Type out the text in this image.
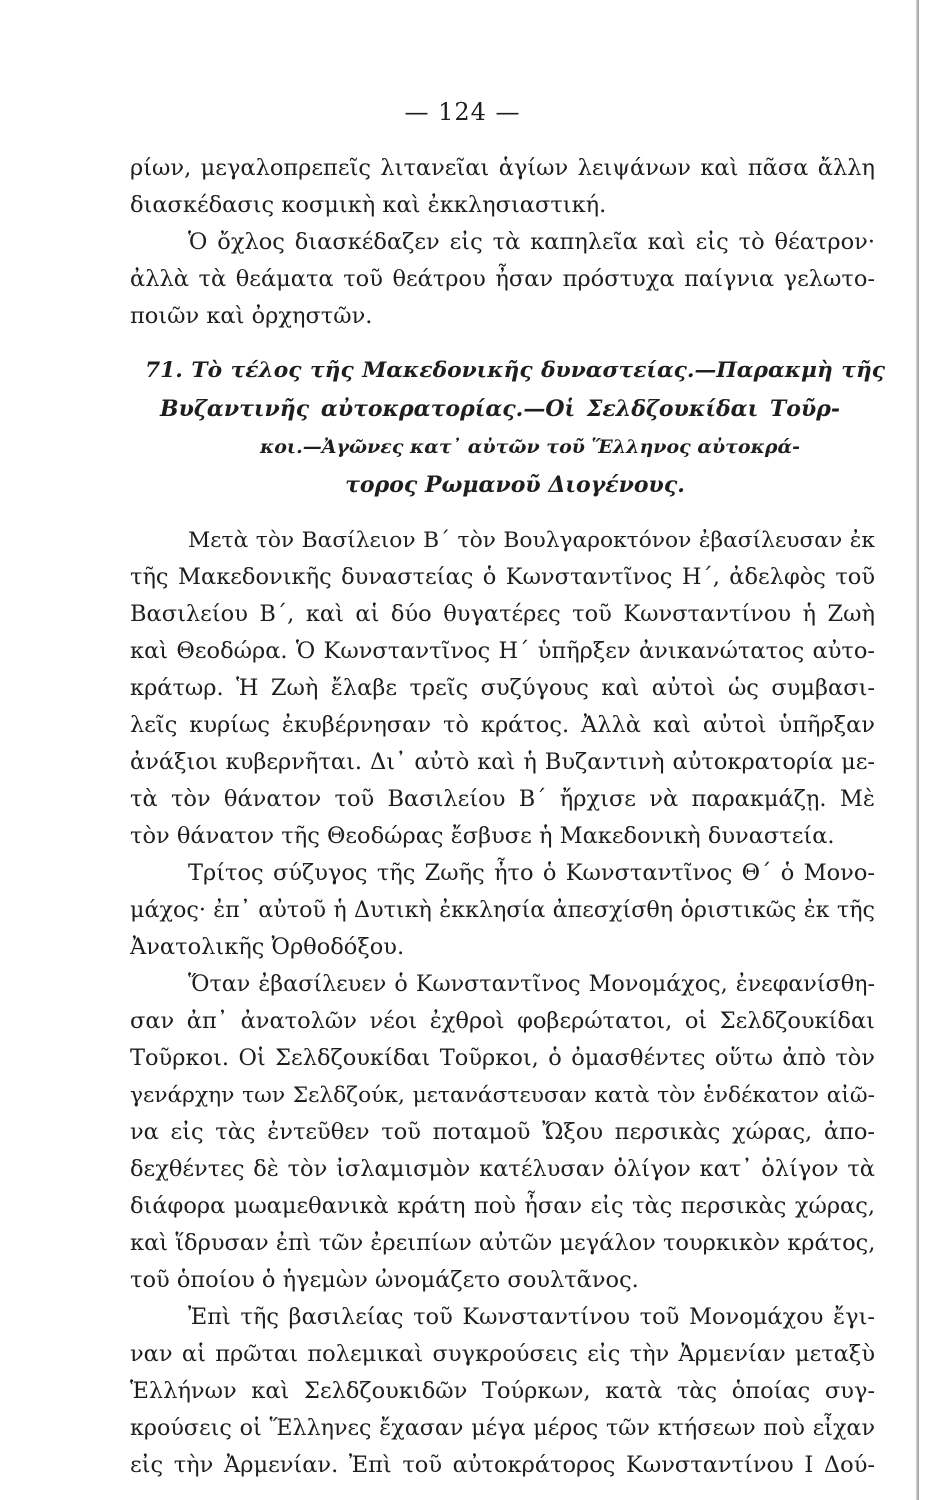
— 124 —
ρίων, μεγαλοπρεπεῖς λιτανεῖαι ἁγίων λειψάνων καὶ πᾶσα ἄλλη
διασκέδασις κοσμικὴ καὶ ἐκκλησιαστική.
Ὁ ὄχλος διασκέδαζεν εἰς τὰ καπηλεῖα καὶ εἰς τὸ θέατρον·
ἀλλὰ τὰ θεάματα τοῦ θεάτρου ἦσαν πρόστυχα παίγνια γελωτο-
ποιῶν καὶ ὀρχηστῶν.
71. Τὸ τέλος τῆς Μακεδονικῆς δυναστείας.—Παρακμὴ τῆς
Βυζαντινῆς αὐτοκρατορίας.—Οἱ Σελδζουκίδαι Τοῦρ-
κοι.—Ἀγῶνες κατ᾽ αὐτῶν τοῦ Ἕλληνος αὐτοκρά-
τορος Ρωμανοῦ Διογένους.
Μετὰ τὸν Βασίλειον Β΄ τὸν Βουλγαροκτόνον ἐβασίλευσαν ἐκ
τῆς Μακεδονικῆς δυναστείας ὁ Κωνσταντῖνος Η΄, ἀδελφὸς τοῦ
Βασιλείου Β΄, καὶ αἱ δύο θυγατέρες τοῦ Κωνσταντίνου ἡ Ζωὴ
καὶ Θεοδώρα. Ὁ Κωνσταντῖνος Η΄ ὑπῆρξεν ἀνικανώτατος αὐτο-
κράτωρ. Ἡ Ζωὴ ἔλαβε τρεῖς συζύγους καὶ αὐτοὶ ὡς συμβασι-
λεῖς κυρίως ἐκυβέρνησαν τὸ κράτος. Ἀλλὰ καὶ αὐτοὶ ὑπῆρξαν
ἀνάξιοι κυβερνῆται. Δι᾽ αὐτὸ καὶ ἡ Βυζαντινὴ αὐτοκρατορία με-
τὰ τὸν θάνατον τοῦ Βασιλείου Β΄ ἤρχισε νὰ παρακμάζῃ. Μὲ
τὸν θάνατον τῆς Θεοδώρας ἔσβυσε ἡ Μακεδονικὴ δυναστεία.
Τρίτος σύζυγος τῆς Ζωῆς ἦτο ὁ Κωνσταντῖνος Θ΄ ὁ Μονο-
μάχος· ἐπ᾽ αὐτοῦ ἡ Δυτικὴ ἐκκλησία ἀπεσχίσθη ὁριστικῶς ἐκ τῆς
Ἀνατολικῆς Ὀρθοδόξου.
Ὅταν ἐβασίλευεν ὁ Κωνσταντῖνος Μονομάχος, ἐνεφανίσθη-
σαν ἀπ᾽ ἀνατολῶν νέοι ἐχθροὶ φοβερώτατοι, οἱ Σελδζουκίδαι
Τοῦρκοι. Οἱ Σελδζουκίδαι Τοῦρκοι, ὁ ὀμασθέντες οὕτω ἀπὸ τὸν
γενάρχην των Σελδζούκ, μετανάστευσαν κατὰ τὸν ἑνδέκατον αἰῶ-
να εἰς τὰς ἐντεῦθεν τοῦ ποταμοῦ Ὤξου περσικὰς χώρας, ἀπο-
δεχθέντες δὲ τὸν ἰσλαμισμὸν κατέλυσαν ὀλίγον κατ᾽ ὀλίγον τὰ
διάφορα μωαμεθανικὰ κράτη ποὺ ἦσαν εἰς τὰς περσικὰς χώρας,
καὶ ἵδρυσαν ἐπὶ τῶν ἐρειπίων αὐτῶν μεγάλον τουρκικὸν κράτος,
τοῦ ὁποίου ὁ ἡγεμὼν ὠνομάζετο σουλτᾶνος.
Ἐπὶ τῆς βασιλείας τοῦ Κωνσταντίνου τοῦ Μονομάχου ἔγι-
ναν αἱ πρῶται πολεμικαὶ συγκρούσεις εἰς τὴν Ἀρμενίαν μεταξὺ
Ἑλλήνων καὶ Σελδζουκιδῶν Τούρκων, κατὰ τὰς ὁποίας συγ-
κρούσεις οἱ Ἕλληνες ἔχασαν μέγα μέρος τῶν κτήσεων ποὺ εἶχαν
εἰς τὴν Ἀρμενίαν. Ἐπὶ τοῦ αὐτοκράτορος Κωνσταντίνου Ι Δού-
